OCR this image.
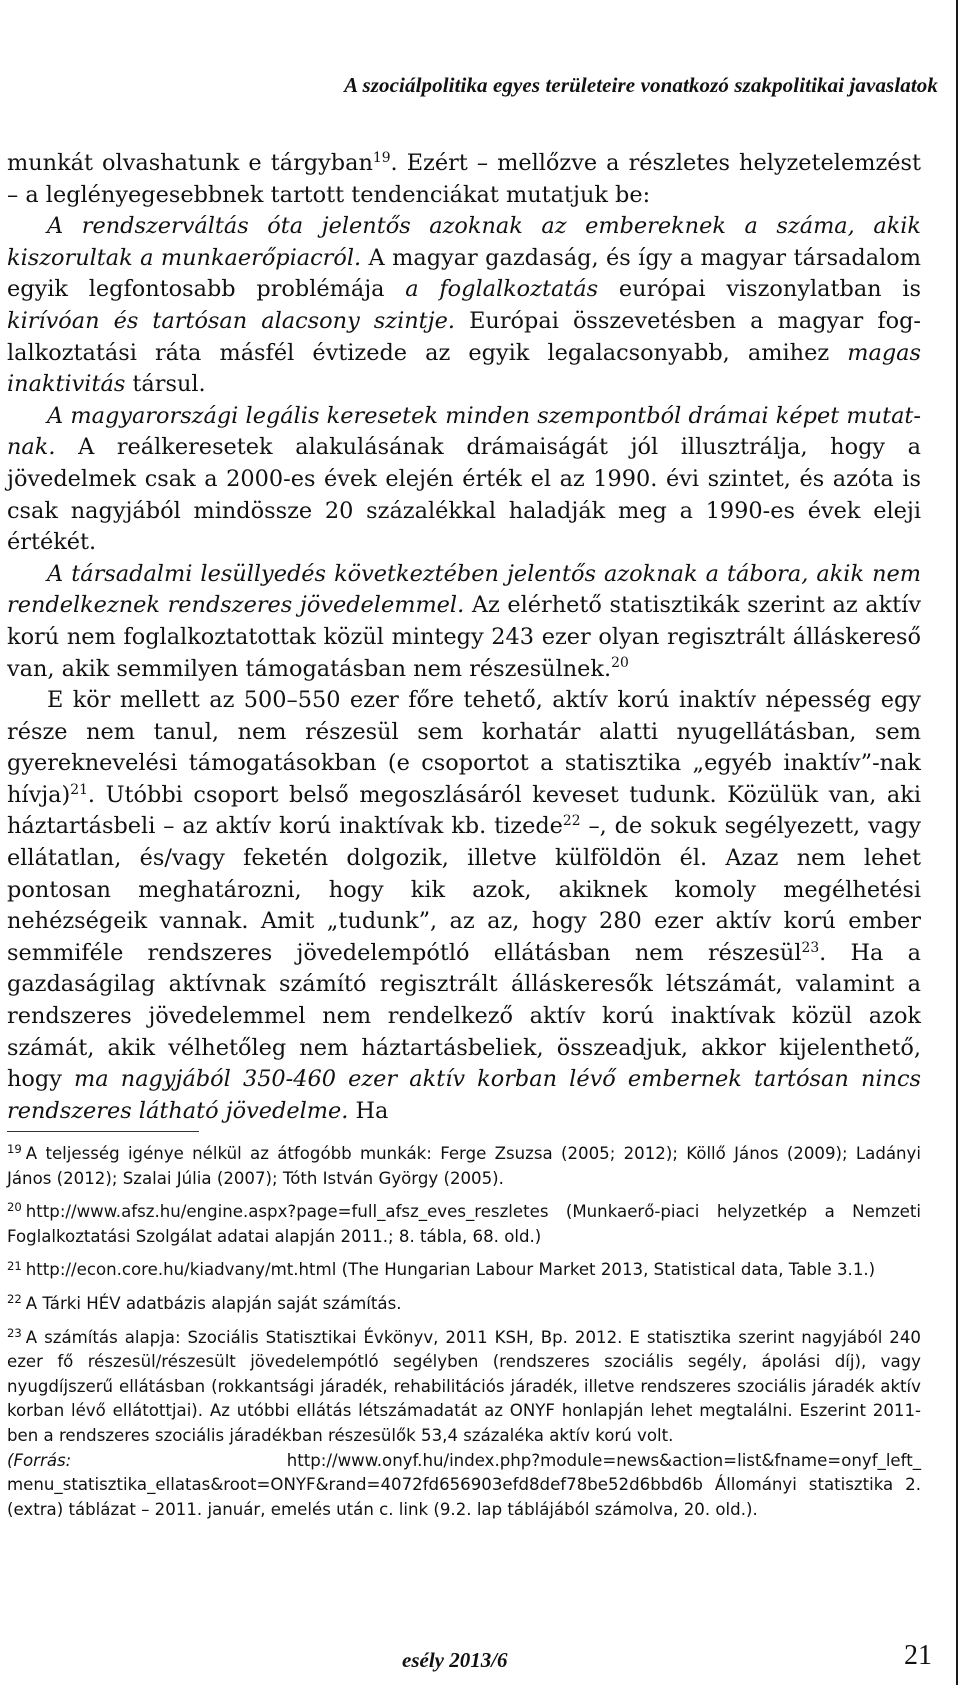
A szociálpolitika egyes területeire vonatkozó szakpolitikai javaslatok

munkát olvashatunk e tárgyban$^{19}$. Ezért – mellőzve a részletes helyzetelemzést – a leglényegesebbnek tartott tendenciákat mutatjuk be:

A rendszerváltás óta jelentős azoknak az embereknek a száma, akik kiszorultak a munkaerőpiacról. A magyar gazdaság, és így a magyar társadalom egyik legfontosabb problémája a foglalkoztatás európai viszonylatban is kirívóan és tartósan alacsony szintje. Európai összevetésben a magyar foglalkoztatási ráta másfél évtizede az egyik legalacsonyabb, amihez magas inaktivitás társul.

A magyarországi legális keresetek minden szempontból drámai képet mutatnak. A reálkeresetek alakulásának drámaiságát jól illusztrálja, hogy a jövedelmek csak a 2000-es évek elején érték el az 1990. évi szintet, és azóta is csak nagyjából mindössze 20 százalékkal haladják meg a 1990-es évek eleji értékét.

A társadalmi lesüllyedés következtében jelentős azoknak a tábora, akik nem rendelkeznek rendszeres jövedelemmel. Az elérhető statisztikák szerint az aktív korú nem foglalkoztatottak közül mintegy 243 ezer olyan regisztrált álláskereső van, akik semmilyen támogatásban nem részesülnek.$^{20}$

E kör mellett az 500–550 ezer főre tehető, aktív korú inaktív népesség egy része nem tanul, nem részesül sem korhatár alatti nyugellátásban, sem gyereknevelési támogatásokban (e csoportot a statisztika „egyéb inaktív”-nak hívja)$^{21}$. Utóbbi csoport belső megoszlásáról keveset tudunk. Közülük van, aki háztartásbeli – az aktív korú inaktívak kb. tizede$^{22}$ –, de sokuk segélyezett, vagy ellátatlan, és/vagy feketén dolgozik, illetve külföldön él. Azaz nem lehet pontosan meghatározni, hogy kik azok, akiknek komoly megélhetési nehézségeik vannak. Amit „tudunk”, az az, hogy 280 ezer aktív korú ember semmiféle rendszeres jövedelempótló ellátásban nem részesül$^{23}$. Ha a gazdaságilag aktívnak számító regisztrált álláskeresők létszámát, valamint a rendszeres jövedelemmel nem rendelkező aktív korú inaktívak közül azok számát, akik vélhetőleg nem háztartásbeliek, összeadjuk, akkor kijelenthető, hogy ma nagyjából 350-460 ezer aktív korban lévő embernek tartósan nincs rendszeres látható jövedelme. Ha

$^{19}$ A teljesség igénye nélkül az átfogóbb munkák: Ferge Zsuzsa (2005; 2012); Köllő János (2009); Ladányi János (2012); Szalai Júlia (2007); Tóth István György (2005).

$^{20}$ http://www.afsz.hu/engine.aspx?page=full_afsz_eves_reszletes (Munkaerő-piaci helyzetkép a Nemzeti Foglalkoztatási Szolgálat adatai alapján 2011.; 8. tábla, 68. old.)

$^{21}$ http://econ.core.hu/kiadvany/mt.html (The Hungarian Labour Market 2013, Statistical data, Table 3.1.)

$^{22}$ A Tárki HÉV adatbázis alapján saját számítás.

$^{23}$ A számítás alapja: Szociális Statisztikai Évkönyv, 2011 KSH, Bp. 2012. E statisztika szerint nagyjából 240 ezer fő részesül/részesült jövedelempótló segélyben (rendszeres szociális segély, ápolási díj), vagy nyugdíjszerű ellátásban (rokkantsági járadék, rehabilitációs járadék, illetve rendszeres szociális járadék aktív korban lévő ellátottjai). Az utóbbi ellátás létszámadatát az ONYF honlapján lehet megtalálni. Eszerint 2011-ben a rendszeres szociális járadékban részesülők 53,4 százaléka aktív korú volt.

(Forrás: http://www.onyf.hu/index.php?module=news&action=list&fname=onyf_left_ menu_statisztika_ellatas&root=ONYF&rand=4072fd656903efd8def78be52d6bbd6b Állományi statisztika 2. (extra) táblázat – 2011. január, emelés után c. link (9.2. lap táblájából számolva, 20. old.).

esély 2013/6	21
